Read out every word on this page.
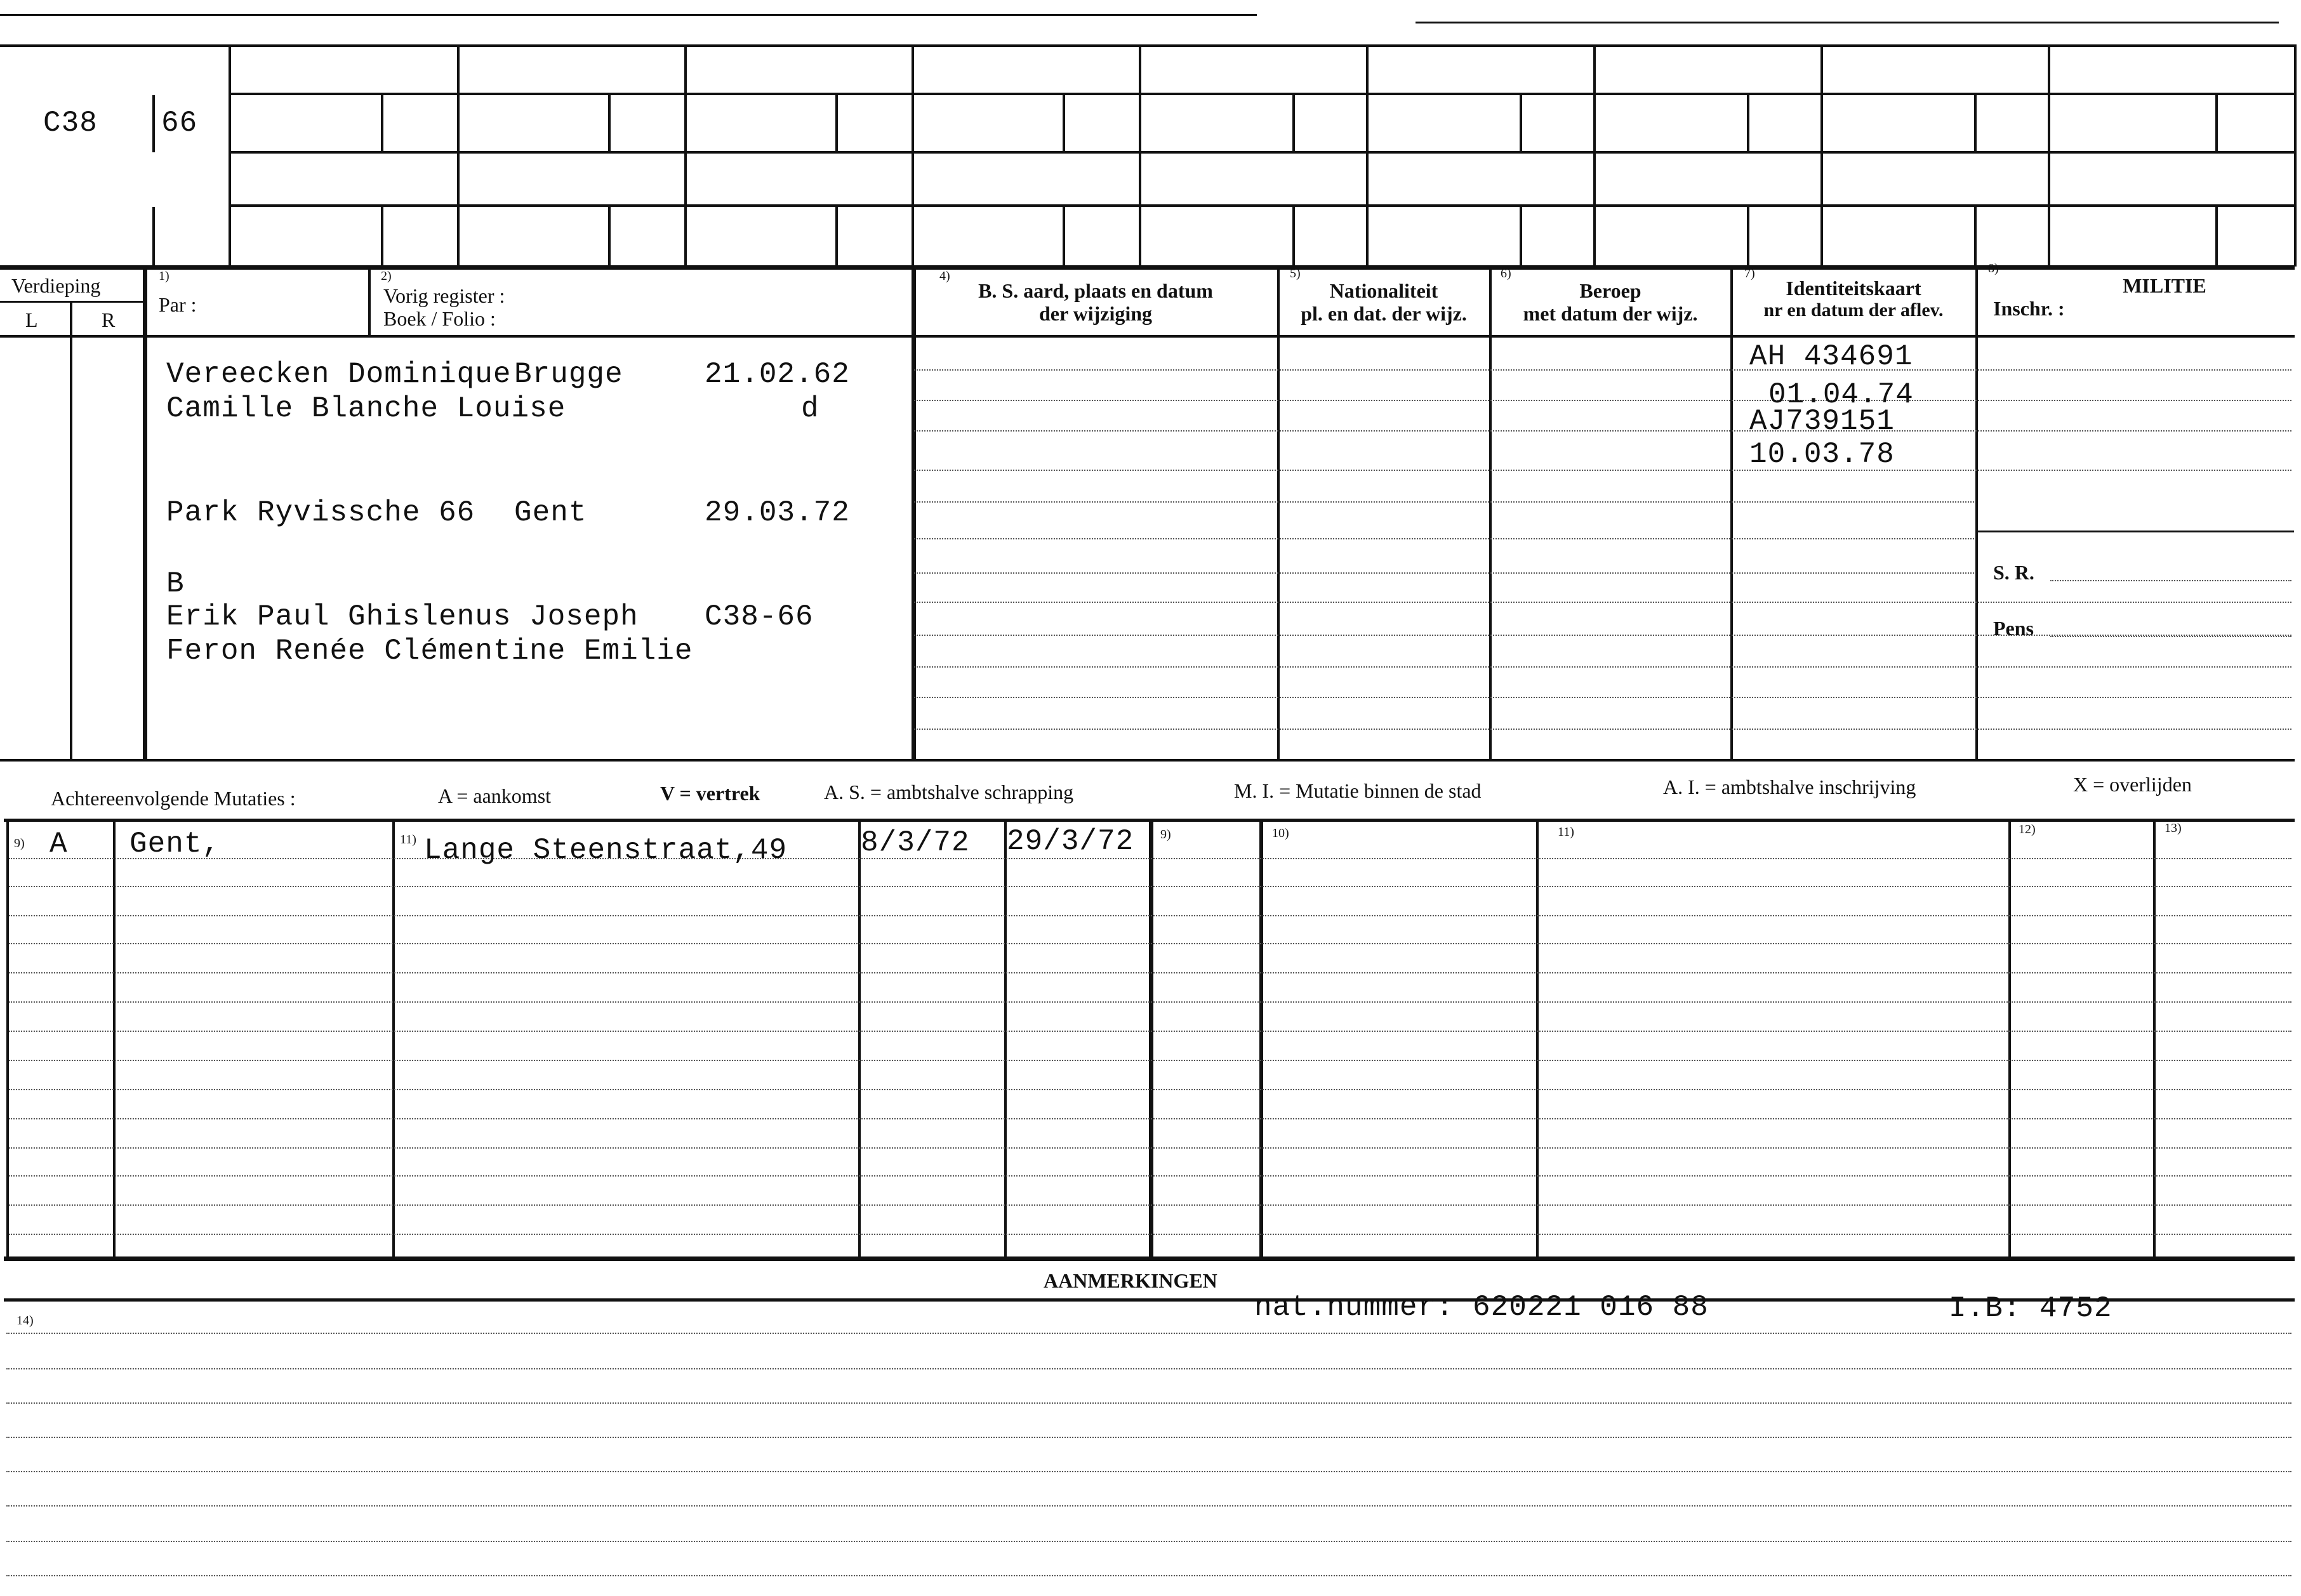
C38 66
Verdieping
L	R
1)
Par :
2)
Vorig register :
Boek / Folio :
4)
B. S. aard, plaats en datum
der wijziging
5)
Nationaliteit
pl. en dat. der wijz.
6)
Beroep
met datum der wijz.
7)
Identiteitskaart
nr en datum der aflev.
8)
MILITIE
Inschr. :
Vereecken Dominique Brugge	21.02.62
Camille Blanche Louise	d
Park Ryvissche 66 Gent	29.03.72
B
Erik Paul Ghislenus Joseph C38-66
Feron Renée Clémentine Emilie
AH 434691
01.04.74
AJ739151
10.03.78
S. R.
Pens
Achtereenvolgende Mutaties :	A = aankomst	V = vertrek	A. S. = ambtshalve schrapping	M. I. = Mutatie binnen de stad	A. I. = ambtshalve inschrijving	X = overlijden
9)	11)	9)	10)	11)	12)	13)
A Gent,	Lange Steenstraat,49	8/3/72 29/3/72
AANMERKINGEN
14)	nat.nummer: 620221 016 88	I.B: 4752
